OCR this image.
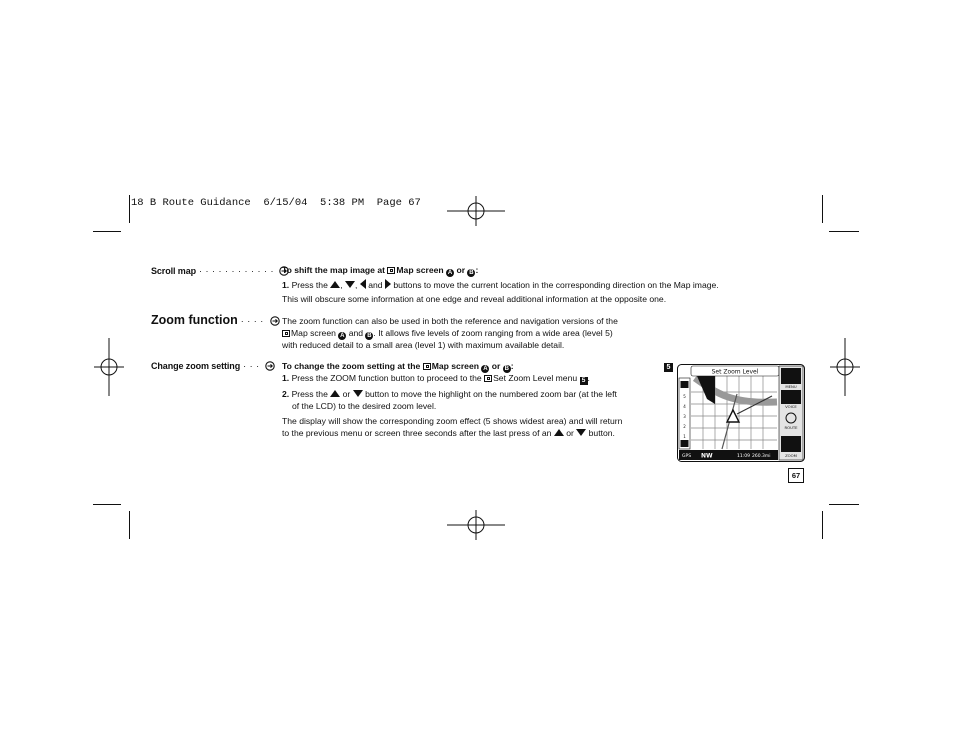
18 B Route Guidance  6/15/04  5:38 PM  Page 67
Scroll map · · · · · · · · · · · · To shift the map image at Map screen A or B :

1. Press the , ,  and buttons to move the current location in the corresponding direction on the Map image.

This will obscure some information at one edge and reveal additional information at the opposite one.

Zoom function · · · ·	The zoom function can also be used in both the reference and navigation versions of the

Map screen A and B . It allows five levels of zoom ranging from a wide area (level 5)

with reduced detail to a small area (level 1) with maximum available detail.

Change zoom setting · · ·	To change the zoom setting at the Map screen A or B :

1. Press the ZOOM function button to proceed to the Set Zoom Level menu 5 .

2. Press the or button to move the highlight on the numbered zoom bar (at the left

of the LCD) to the desired zoom level.

The display will show the corresponding zoom effect (5 shows widest area) and will return

to the previous menu or screen three seconds after the last press of an or button.

5
5
4
3
2
1
Set Zoom Level
MENU
VOICE
ROUTE
ZOOM
GPS NW	11:09 260.3mi
67
